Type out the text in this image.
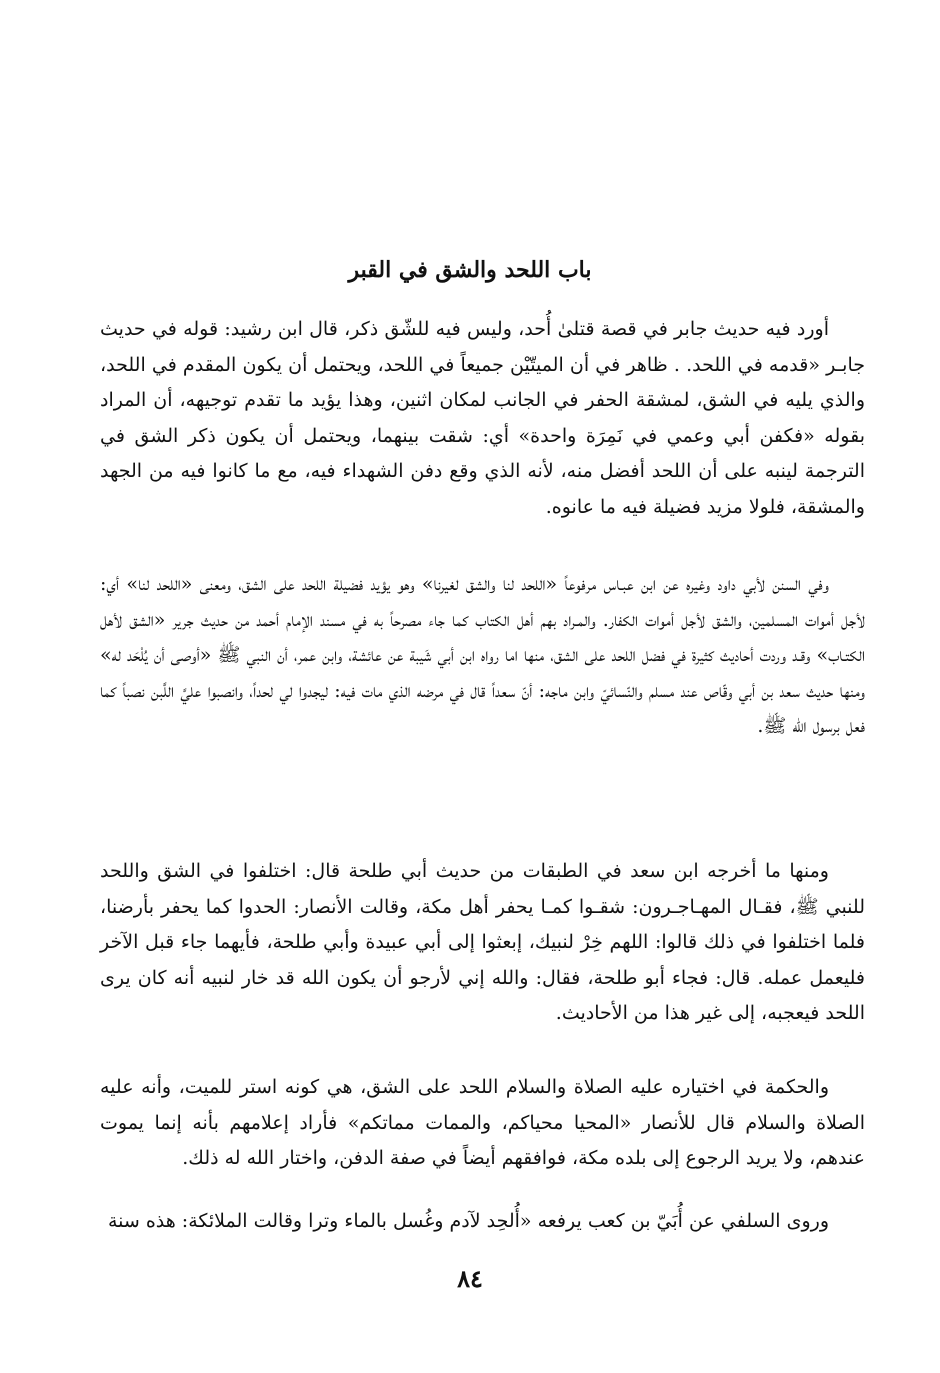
باب اللحد والشق في القبر

أورد فيه حديث جابر في قصة قتلىٰ أُحد، وليس فيه للشّق ذكر، قال ابن رشيد: قوله في حديث جابـر «قدمه في اللحد. . ظاهر في أن الميتّيْن جميعاً في اللحد، ويحتمل أن يكون المقدم في اللحد، والذي يليه في الشق، لمشقة الحفر في الجانب لمكان اثنين، وهذا يؤيد ما تقدم توجيهه، أن المراد بقوله «فكفن أبي وعمي في نَمِرَة واحدة» أي: شقت بينهما، ويحتمل أن يكون ذكر الشق في الترجمة لينبه على أن اللحد أفضل منه، لأنه الذي وقع دفن الشهداء فيه، مع ما كانوا فيه من الجهد والمشقة، فلولا مزيد فضيلة فيه ما عانوه.

وفي السنن لأبي داود وغيره عن ابن عبـاس مرفوعاً «اللحد لنا والشق لغيرنا» وهو يؤيد فضيلة اللحد على الشق، ومعنى «اللحد لنا» أي: لأجل أموات المسلمين، والشق لأجل أموات الكفار. والمـراد بهم أهل الكتاب كما جاء مصرحاً به في مسند الإمام أحمد من حديث جرير «الشق لأهل الكتـاب» وقـد وردت أحاديث كثيرة في فضل اللحد على الشق، منها اما رواه ابن أبي شَيبة عن عائشة، وابن عمر، أن النبي ﷺ «أوصى أن يُلْحَد له» ومنها حديث سعد بن أبي وقّاص عند مسلم والنّسائيّ وابن ماجه: أنّ سعداً قال في مرضه الذي مات فيه: ليجدوا لي لحداً، وانصبوا عليَّ اللَّبن نصباً كما فعل برسول الله ﷺ.

ومنها ما أخرجه ابن سعد في الطبقات من حديث أبي طلحة قال: اختلفوا في الشق واللحد للنبي ﷺ، فقـال المهـاجـرون: شقـوا كمـا يحفر أهل مكة، وقالت الأنصار: الحدوا كما يحفر بأرضنا، فلما اختلفوا في ذلك قالوا: اللهم خِرْ لنبيك، إبعثوا إلى أبي عبيدة وأبي طلحة، فأيهما جاء قبل الآخر فليعمل عمله. قال: فجاء أبو طلحة، فقال: والله إني لأرجو أن يكون الله قد خار لنبيه أنه كان يرى اللحد فيعجبه، إلى غير هذا من الأحاديث.

والحكمة في اختياره عليه الصلاة والسلام اللحد على الشق، هي كونه استر للميت، وأنه عليه الصلاة والسلام قال للأنصار «المحيا محياكم، والممات مماتكم» فأراد إعلامهم بأنه إنما يموت عندهم، ولا يريد الرجوع إلى بلده مكة، فوافقهم أيضاً في صفة الدفن، واختار الله له ذلك.

وروى السلفي عن أُبَيّ بن كعب يرفعه «أُلحِد لآدم وغُسل بالماء وترا وقالت الملائكة: هذه سنة

٨٤
